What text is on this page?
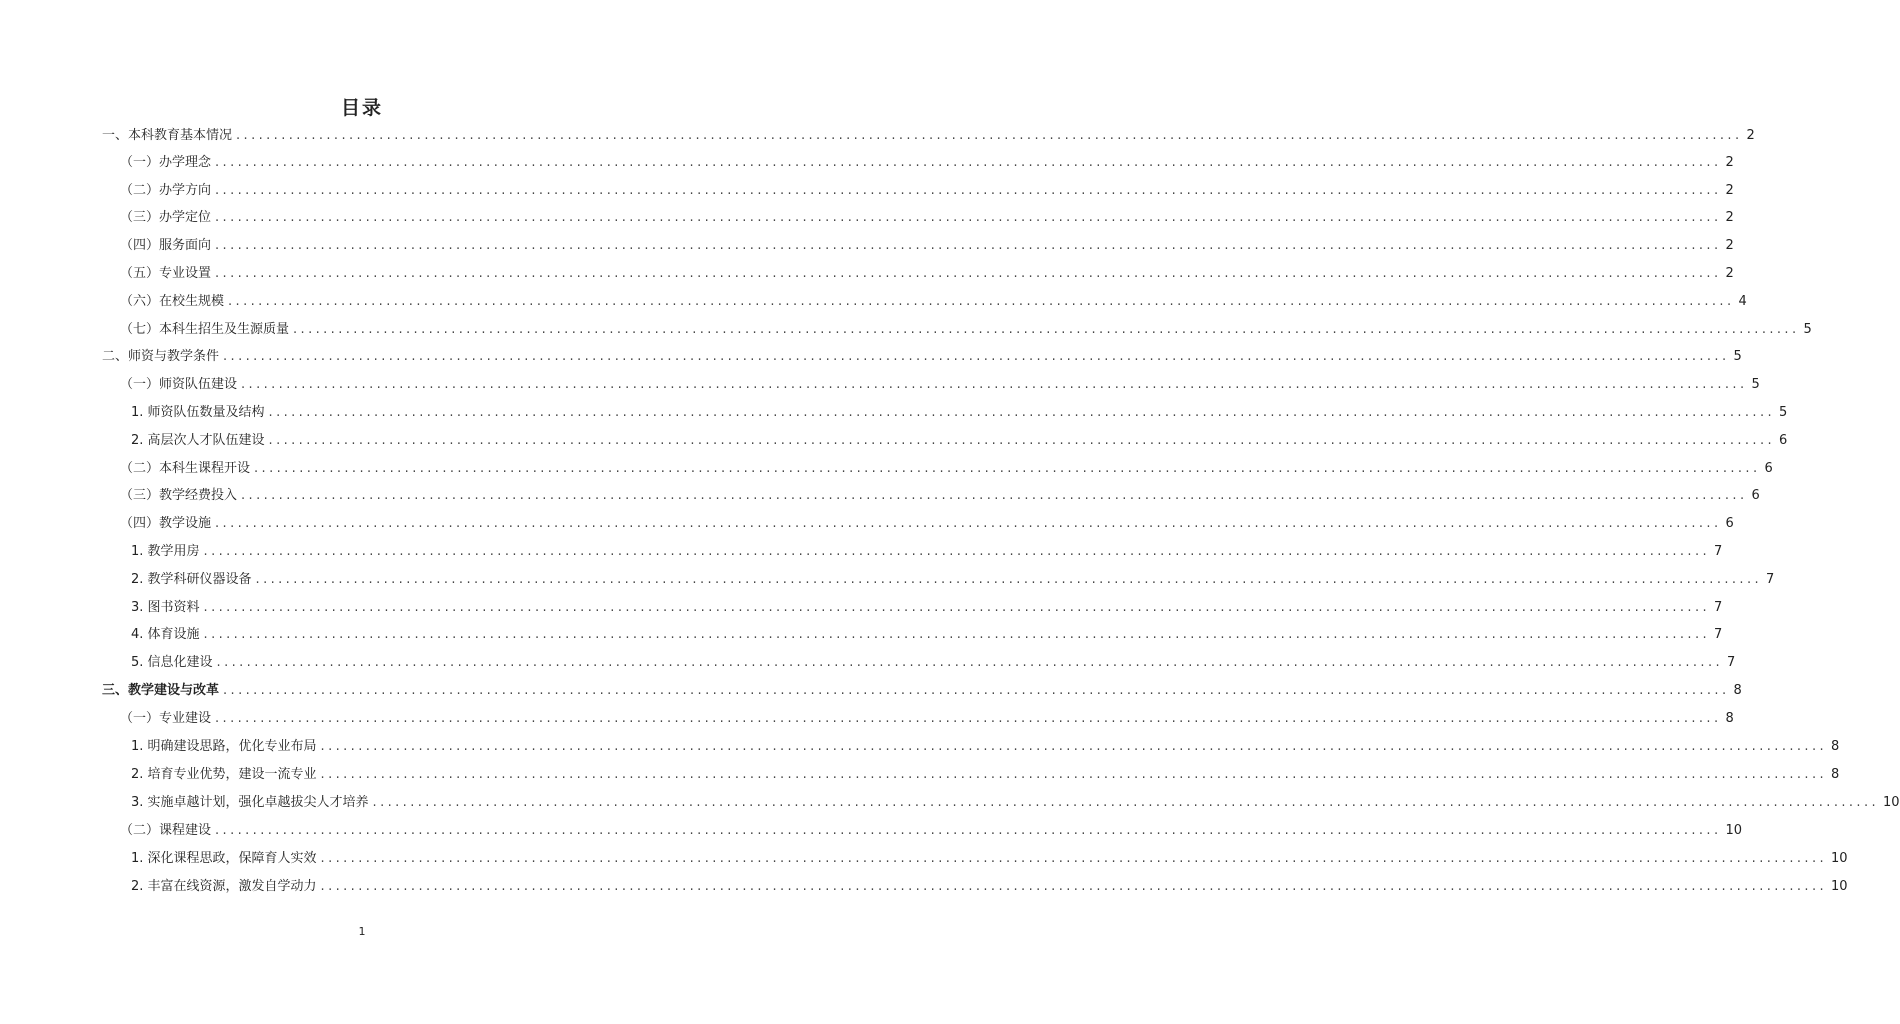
目录
一、本科教育基本情况 ........................................................................................................................................................................................................ 2
（一）办学理念 ........................................................................................................................................................................................................ 2
（二）办学方向 ........................................................................................................................................................................................................ 2
（三）办学定位 ........................................................................................................................................................................................................ 2
（四）服务面向 ........................................................................................................................................................................................................ 2
（五）专业设置 ........................................................................................................................................................................................................ 2
（六）在校生规模 ........................................................................................................................................................................................................ 4
（七）本科生招生及生源质量 ........................................................................................................................................................................................................ 5
二、师资与教学条件 ........................................................................................................................................................................................................ 5
（一）师资队伍建设 ........................................................................................................................................................................................................ 5
1. 师资队伍数量及结构 ........................................................................................................................................................................................................ 5
2. 高层次人才队伍建设 ........................................................................................................................................................................................................ 6
（二）本科生课程开设 ........................................................................................................................................................................................................ 6
（三）教学经费投入 ........................................................................................................................................................................................................ 6
（四）教学设施 ........................................................................................................................................................................................................ 6
1. 教学用房 ........................................................................................................................................................................................................ 7
2. 教学科研仪器设备 ........................................................................................................................................................................................................ 7
3. 图书资料 ........................................................................................................................................................................................................ 7
4. 体育设施 ........................................................................................................................................................................................................ 7
5. 信息化建设 ........................................................................................................................................................................................................ 7
三、教学建设与改革 ........................................................................................................................................................................................................ 8
（一）专业建设 ........................................................................................................................................................................................................ 8
1. 明确建设思路，优化专业布局 ........................................................................................................................................................................................................ 8
2. 培育专业优势，建设一流专业 ........................................................................................................................................................................................................ 8
3. 实施卓越计划，强化卓越拔尖人才培养 ........................................................................................................................................................................................................ 10
（二）课程建设 ........................................................................................................................................................................................................ 10
1. 深化课程思政，保障育人实效 ........................................................................................................................................................................................................ 10
2. 丰富在线资源，激发自学动力 ........................................................................................................................................................................................................ 10
1
